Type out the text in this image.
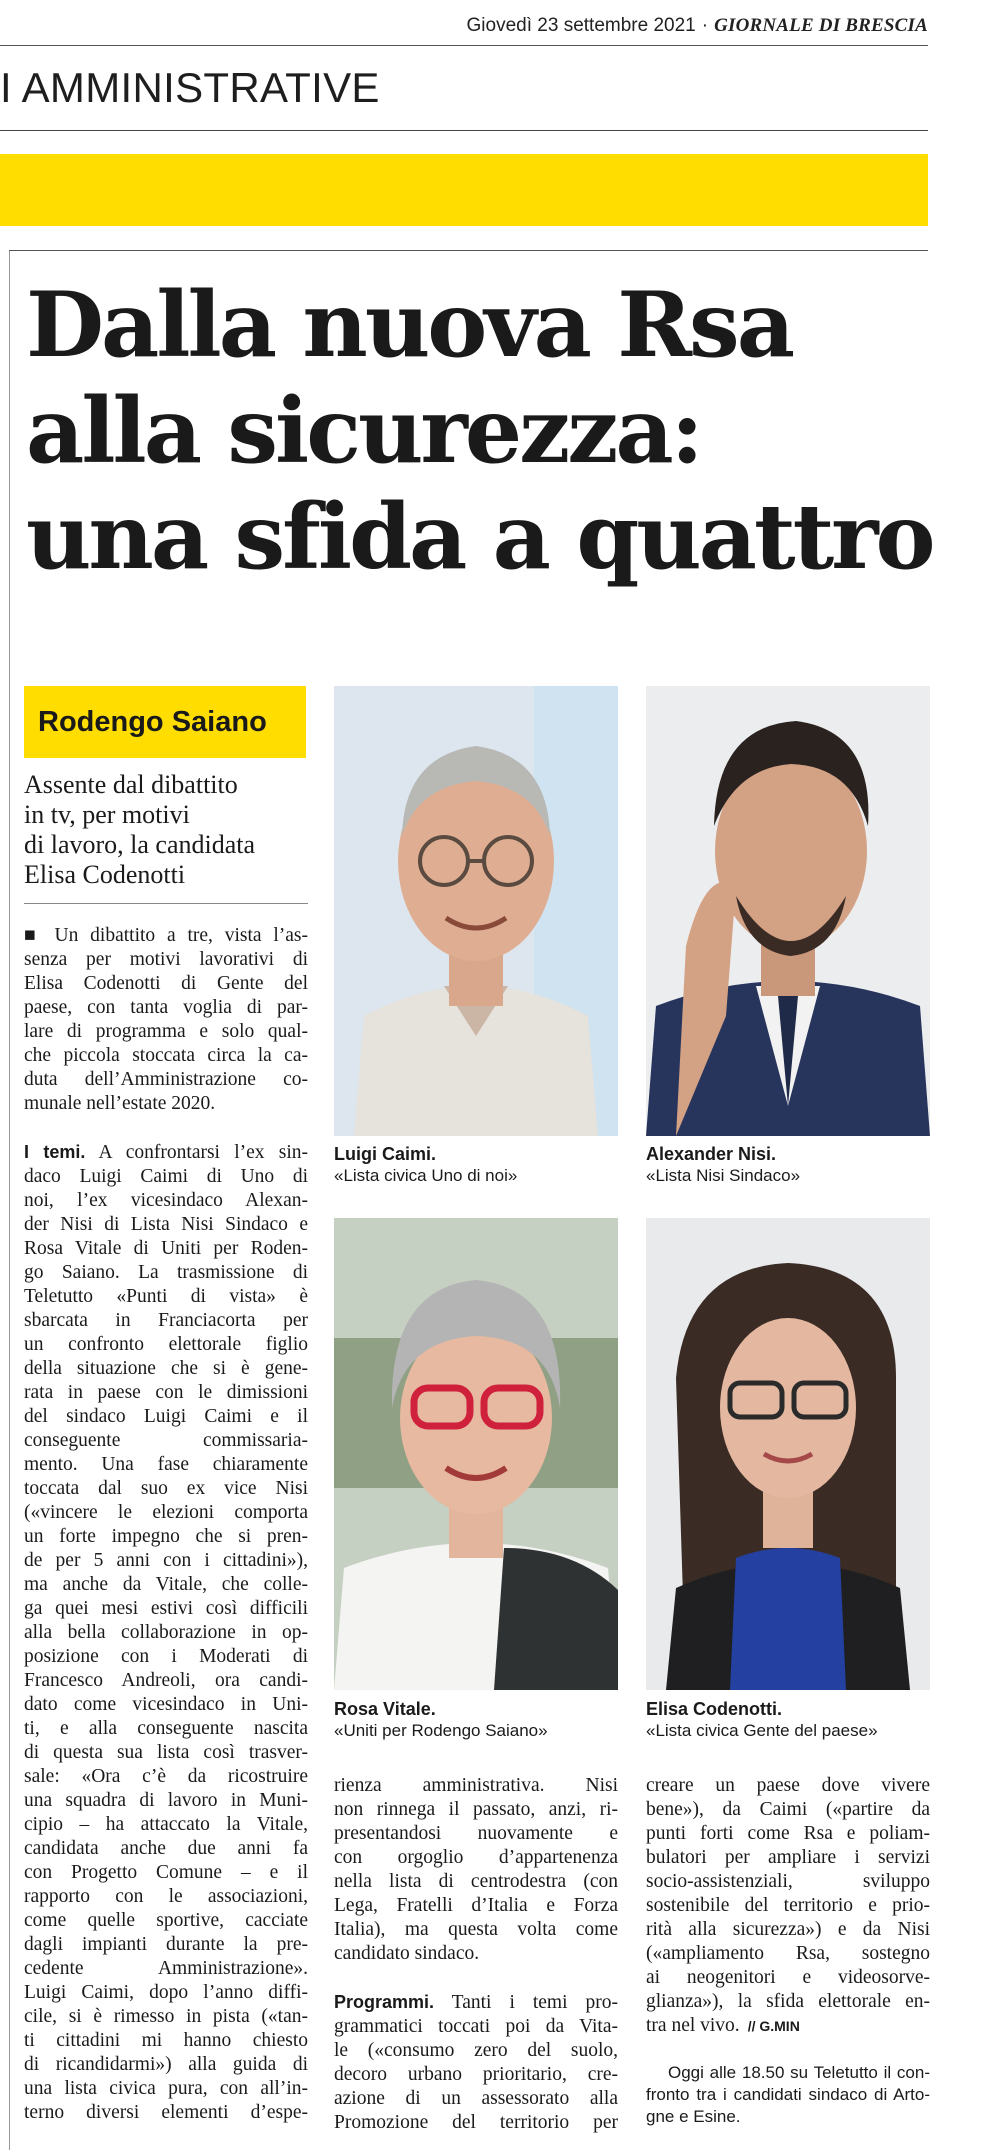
Giovedì 23 settembre 2021 · GIORNALE DI BRESCIA
I AMMINISTRATIVE
Dalla nuova Rsa
alla sicurezza:
una sfida a quattro
Rodengo Saiano
Assente dal dibattito
in tv, per motivi
di lavoro, la candidata
Elisa Codenotti
■ Un dibattito a tre, vista l’as-
senza per motivi lavorativi di
Elisa Codenotti di Gente del
paese, con tanta voglia di par-
lare di programma e solo qual-
che piccola stoccata circa la ca-
duta dell’Amministrazione co-
munale nell’estate 2020.
I temi. A confrontarsi l’ex sin-
daco Luigi Caimi di Uno di
noi, l’ex vicesindaco Alexan-
der Nisi di Lista Nisi Sindaco e
Rosa Vitale di Uniti per Roden-
go Saiano. La trasmissione di
Teletutto «Punti di vista» è
sbarcata in Franciacorta per
un confronto elettorale figlio
della situazione che si è gene-
rata in paese con le dimissioni
del sindaco Luigi Caimi e il
conseguente commissaria-
mento. Una fase chiaramente
toccata dal suo ex vice Nisi
(«vincere le elezioni comporta
un forte impegno che si pren-
de per 5 anni con i cittadini»),
ma anche da Vitale, che colle-
ga quei mesi estivi così difficili
alla bella collaborazione in op-
posizione con i Moderati di
Francesco Andreoli, ora candi-
dato come vicesindaco in Uni-
ti, e alla conseguente nascita
di questa sua lista così trasver-
sale: «Ora c’è da ricostruire
una squadra di lavoro in Muni-
cipio – ha attaccato la Vitale,
candidata anche due anni fa
con Progetto Comune – e il
rapporto con le associazioni,
come quelle sportive, cacciate
dagli impianti durante la pre-
cedente Amministrazione».
Luigi Caimi, dopo l’anno diffi-
cile, si è rimesso in pista («tan-
ti cittadini mi hanno chiesto
di ricandidarmi») alla guida di
una lista civica pura, con all’in-
terno diversi elementi d’espe-
Luigi Caimi.
«Lista civica Uno di noi»
Alexander Nisi.
«Lista Nisi Sindaco»
Rosa Vitale.
«Uniti per Rodengo Saiano»
Elisa Codenotti.
«Lista civica Gente del paese»
rienza amministrativa. Nisi
non rinnega il passato, anzi, ri-
presentandosi nuovamente e
con orgoglio d’appartenenza
nella lista di centrodestra (con
Lega, Fratelli d’Italia e Forza
Italia), ma questa volta come
candidato sindaco.
Programmi. Tanti i temi pro-
grammatici toccati poi da Vita-
le («consumo zero del suolo,
decoro urbano prioritario, cre-
azione di un assessorato alla
Promozione del territorio per
creare un paese dove vivere
bene»), da Caimi («partire da
punti forti come Rsa e poliam-
bulatori per ampliare i servizi
socio-assistenziali, sviluppo
sostenibile del territorio e prio-
rità alla sicurezza») e da Nisi
(«ampliamento Rsa, sostegno
ai neogenitori e videosorve-
glianza»), la sfida elettorale en-
tra nel vivo. // G.MIN
Oggi alle 18.50 su Teletutto il con-
fronto tra i candidati sindaco di Arto-
gne e Esine.
